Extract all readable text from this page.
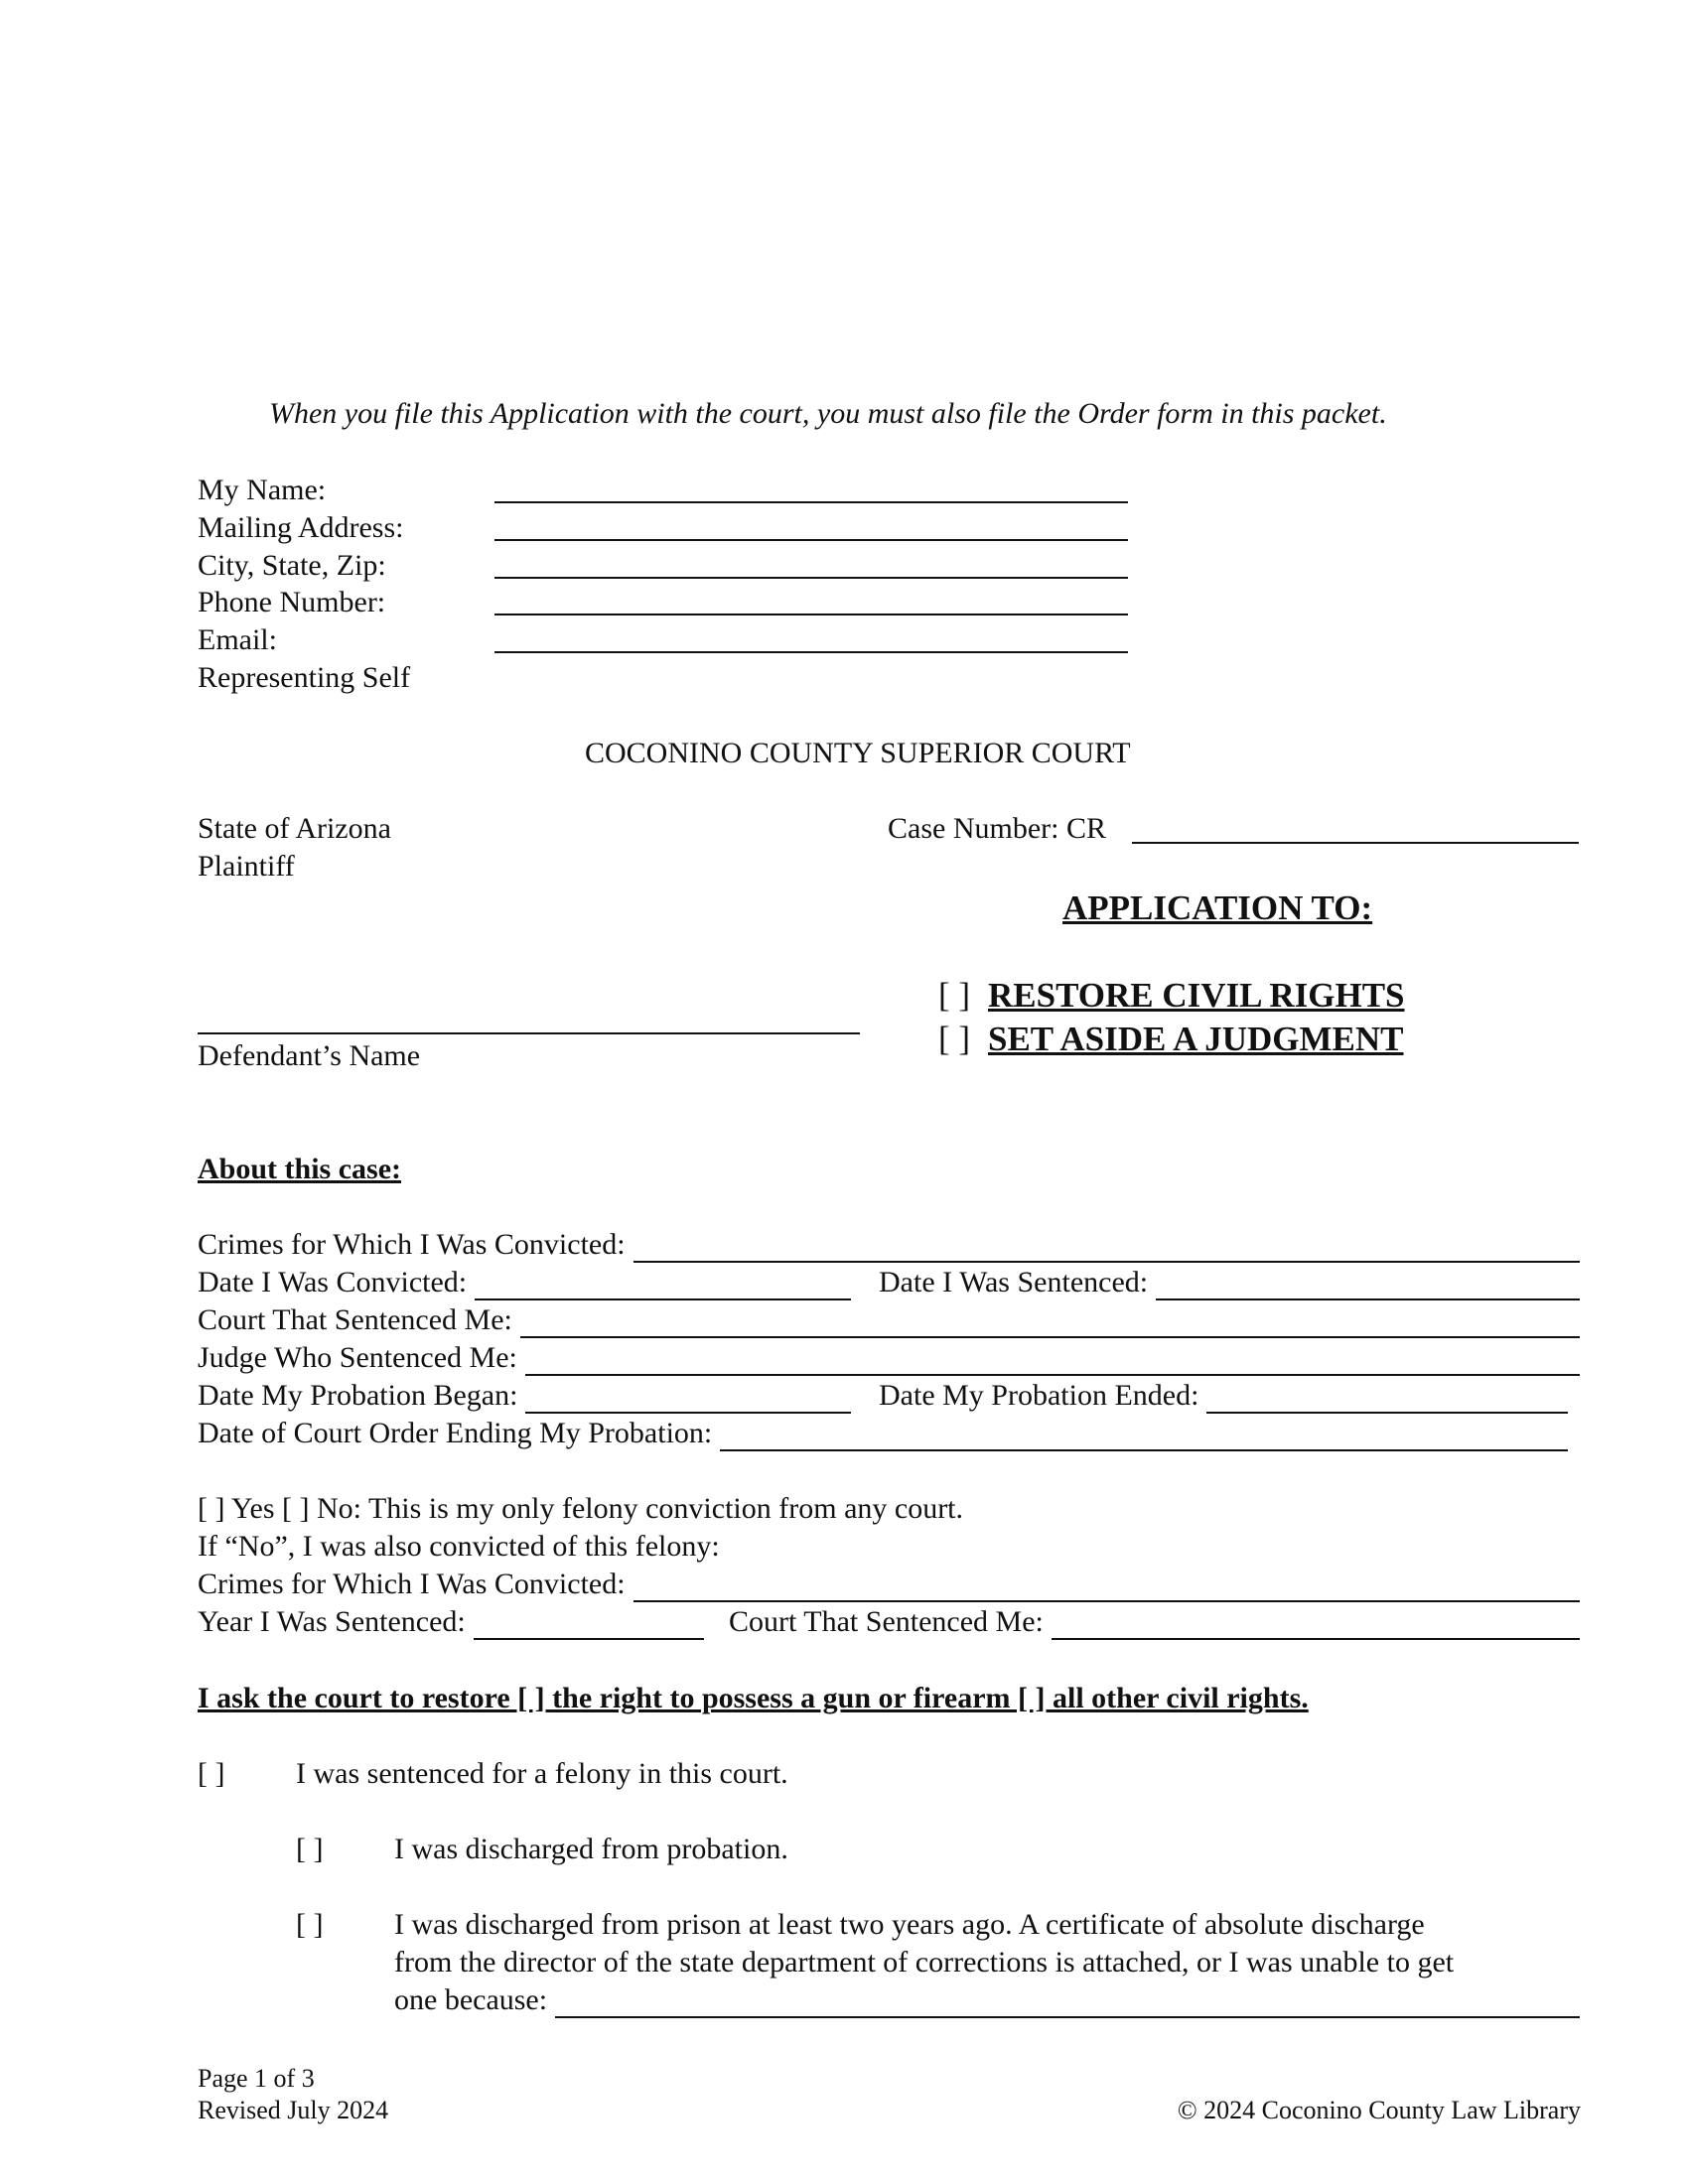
When you file this Application with the court, you must also file the Order form in this packet.
My Name:
Mailing Address:
City, State, Zip:
Phone Number:
Email:
Representing Self
COCONINO COUNTY SUPERIOR COURT
State of Arizona
Plaintiff
Defendant’s Name
Case Number: CR
APPLICATION TO:
[ ] RESTORE CIVIL RIGHTS
[ ] SET ASIDE A JUDGMENT
About this case:
Crimes for Which I Was Convicted:
Date I Was Convicted:	Date I Was Sentenced:
Court That Sentenced Me:
Judge Who Sentenced Me:
Date My Probation Began:	Date My Probation Ended:
Date of Court Order Ending My Probation:
[ ] Yes [ ] No: This is my only felony conviction from any court.
If “No”, I was also convicted of this felony:
Crimes for Which I Was Convicted:
Year I Was Sentenced:	Court That Sentenced Me:
I ask the court to restore [ ] the right to possess a gun or firearm [ ] all other civil rights.
[ ] I was sentenced for a felony in this court.
[ ] I was discharged from probation.
[ ] I was discharged from prison at least two years ago. A certificate of absolute discharge
from the director of the state department of corrections is attached, or I was unable to get
one because:
Page 1 of 3
Revised July 2024	© 2024 Coconino County Law Library
